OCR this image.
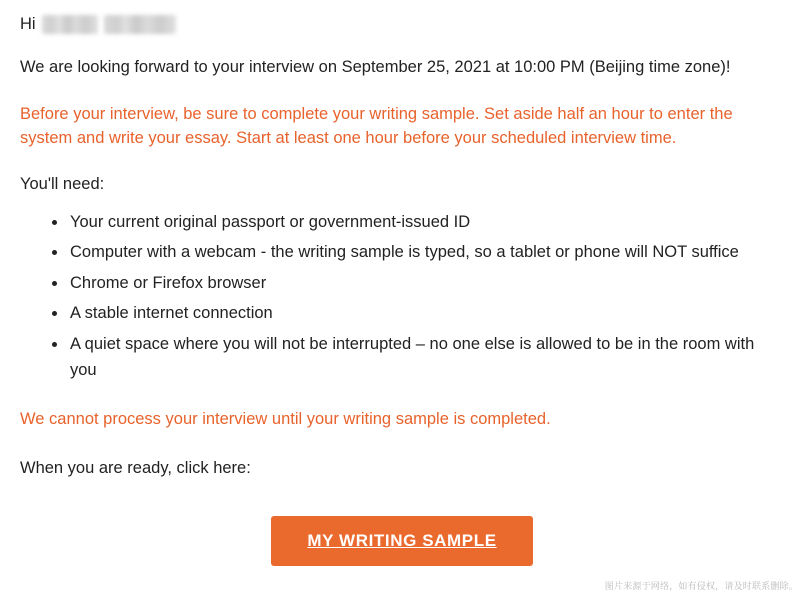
Hi

We are looking forward to your interview on September 25, 2021 at 10:00 PM (Beijing time zone)!

Before your interview, be sure to complete your writing sample. Set aside half an hour to enter the system and write your essay. Start at least one hour before your scheduled interview time.

You'll need:

• Your current original passport or government-issued ID
• Computer with a webcam - the writing sample is typed, so a tablet or phone will NOT suffice
• Chrome or Firefox browser
• A stable internet connection
• A quiet space where you will not be interrupted – no one else is allowed to be in the room with you

We cannot process your interview until your writing sample is completed.

When you are ready, click here:

MY WRITING SAMPLE
图片来源于网络，如有侵权，请及时联系删除。
